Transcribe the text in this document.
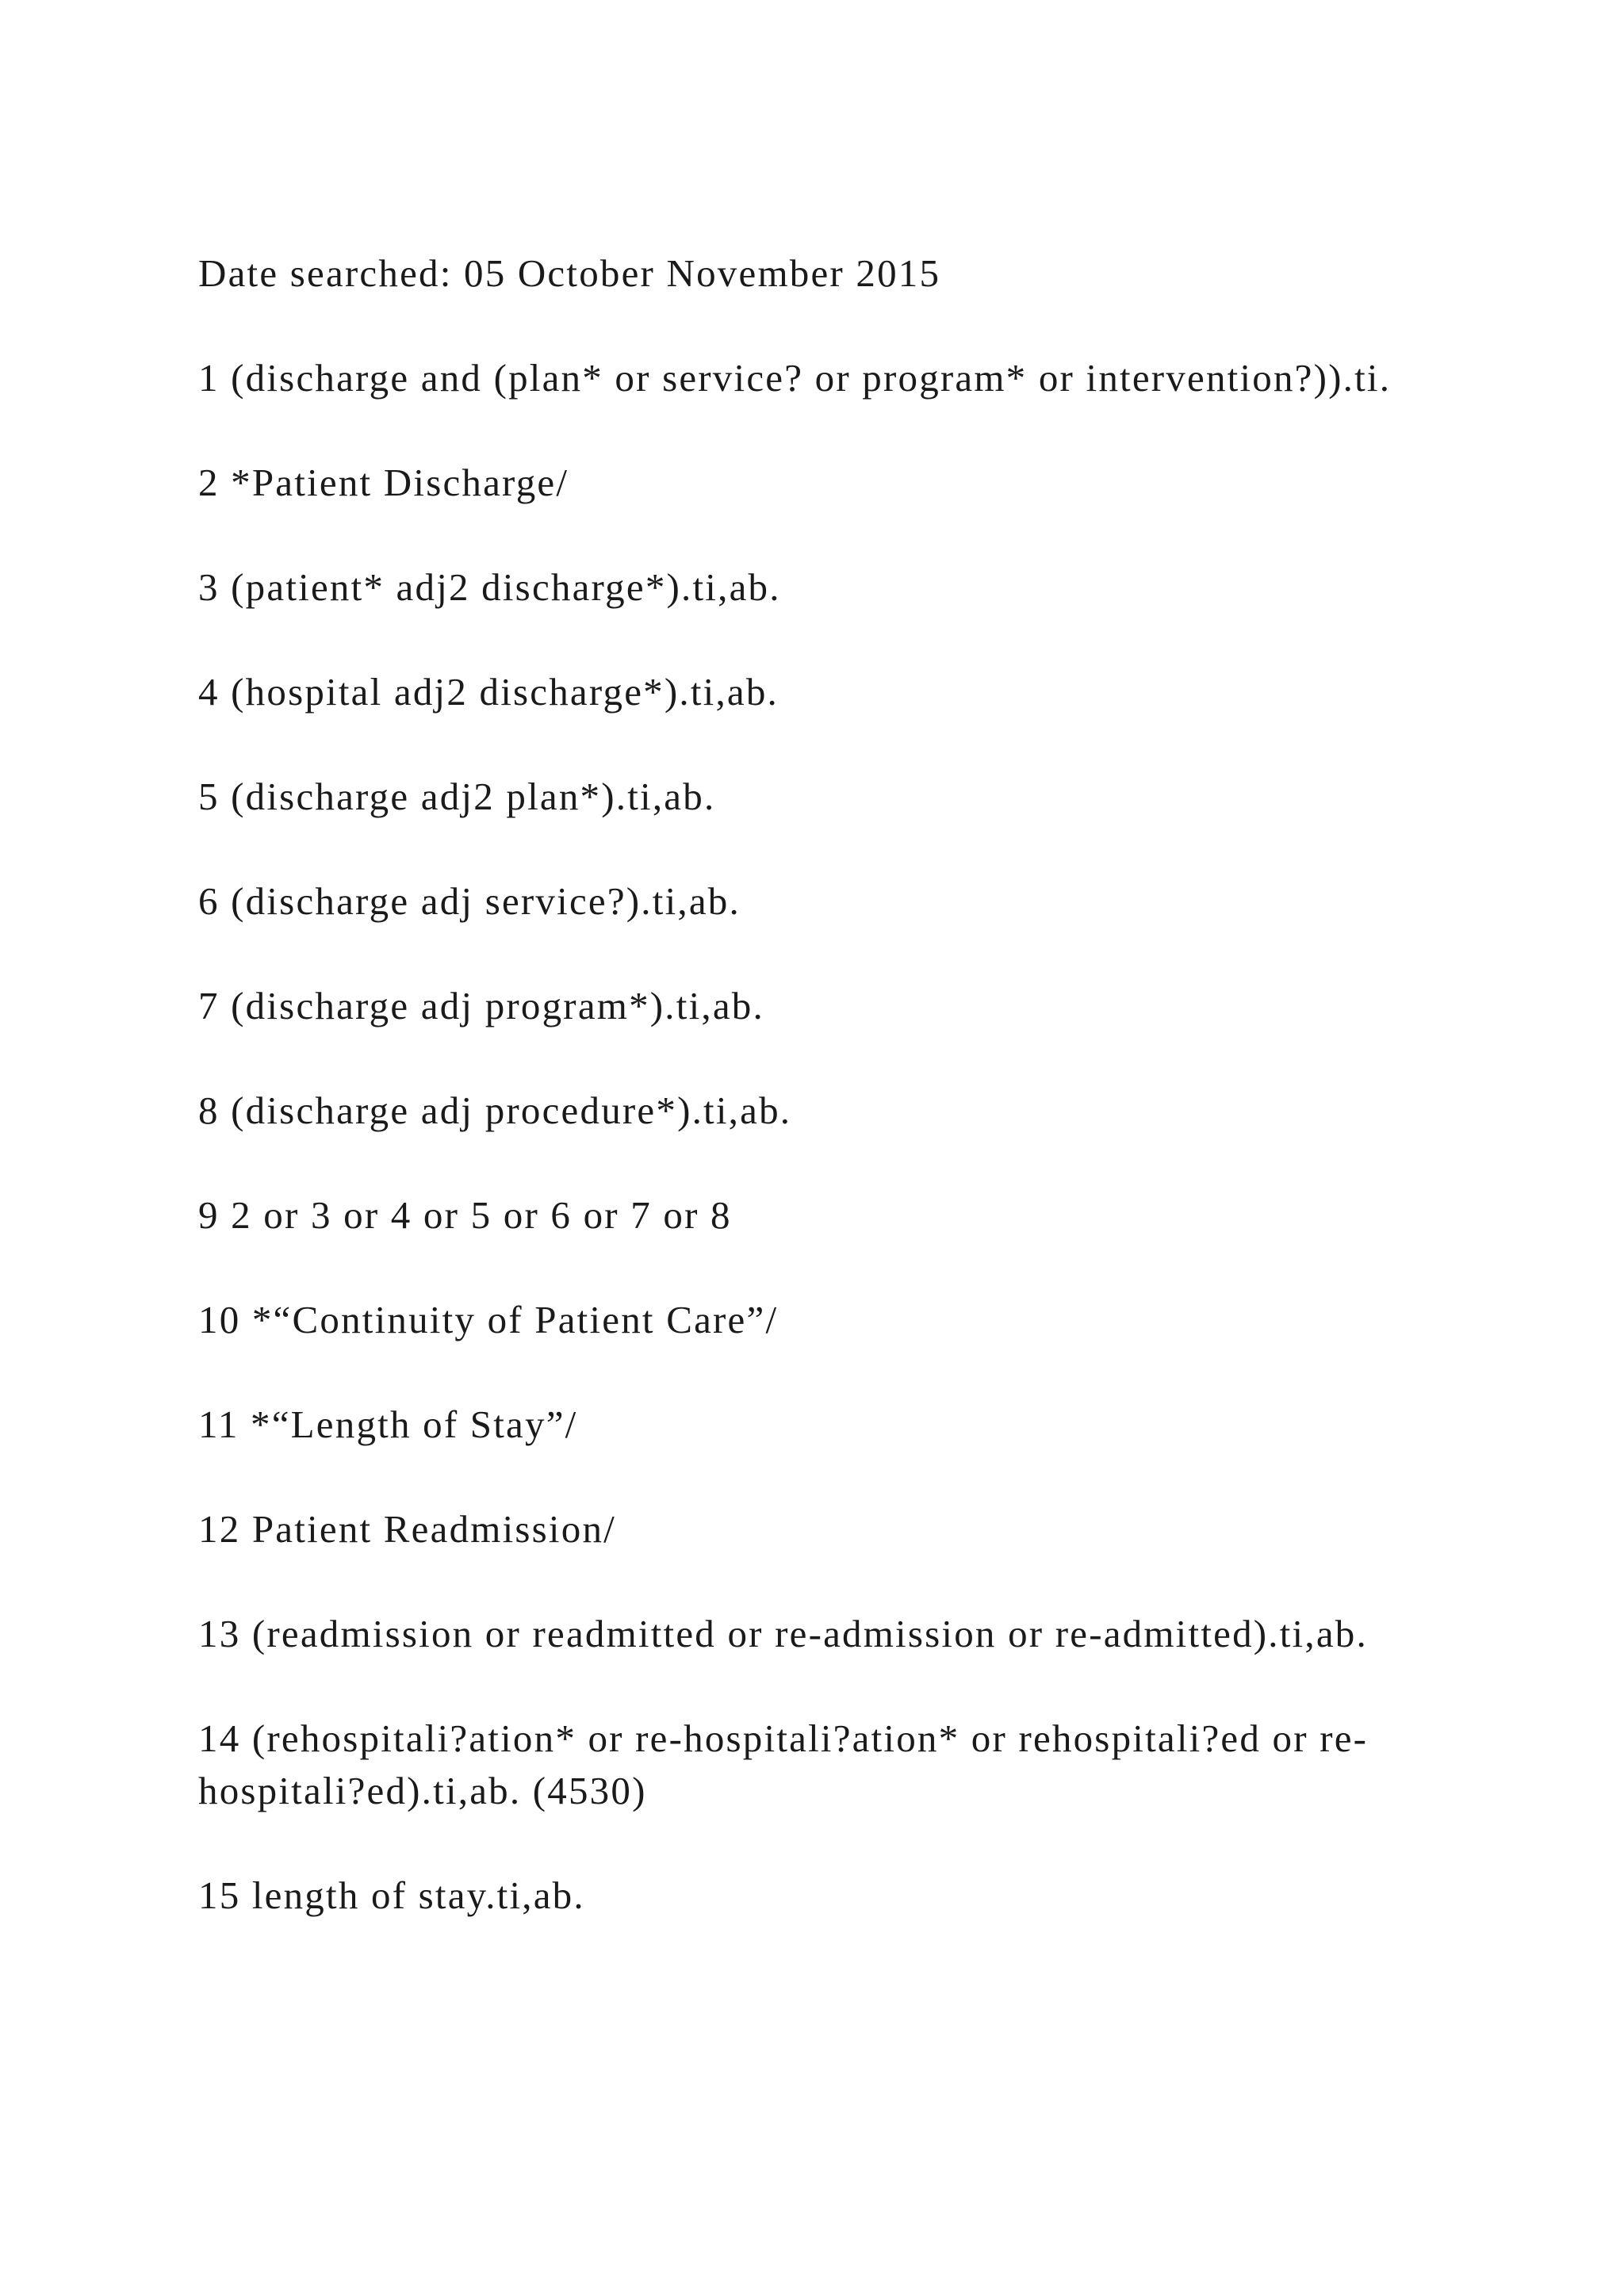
Date searched: 05 October November 2015

1 (discharge and (plan* or service? or program* or intervention?)).ti.

2 *Patient Discharge/

3 (patient* adj2 discharge*).ti,ab.

4 (hospital adj2 discharge*).ti,ab.

5 (discharge adj2 plan*).ti,ab.

6 (discharge adj service?).ti,ab.

7 (discharge adj program*).ti,ab.

8 (discharge adj procedure*).ti,ab.

9 2 or 3 or 4 or 5 or 6 or 7 or 8

10 *“Continuity of Patient Care”/

11 *“Length of Stay”/

12 Patient Readmission/

13 (readmission or readmitted or re-admission or re-admitted).ti,ab.

14 (rehospitali?ation* or re-hospitali?ation* or rehospitali?ed or re-hospitali?ed).ti,ab. (4530)

15 length of stay.ti,ab.
